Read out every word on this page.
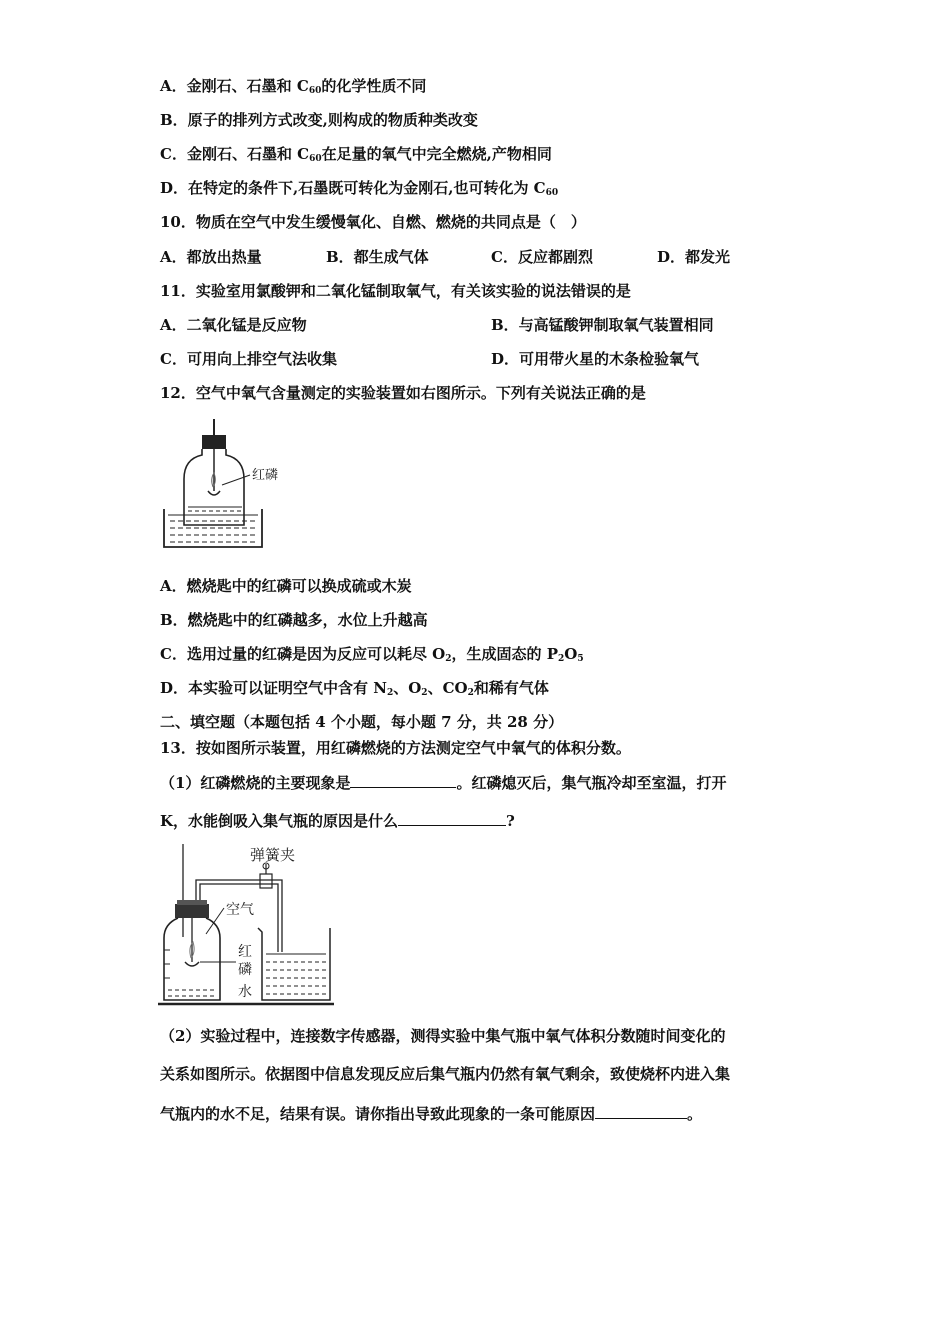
A．金刚石、石墨和 $C_{60}$的化学性质不同
B．原子的排列方式改变,则构成的物质种类改变
C．金刚石、石墨和 $C_{60}$在足量的氧气中完全燃烧,产物相同
D．在特定的条件下,石墨既可转化为金刚石,也可转化为 $C_{60}$
10．物质在空气中发生缓慢氧化、自燃、燃烧的共同点是（　）
A．都放出热量	B．都生成气体	C．反应都剧烈	D．都发光
11．实验室用氯酸钾和二氧化锰制取氧气，有关该实验的说法错误的是
A．二氧化锰是反应物	B．与高锰酸钾制取氧气装置相同
C．可用向上排空气法收集	D．可用带火星的木条检验氧气
12．空气中氧气含量测定的实验装置如右图所示。下列有关说法正确的是
红磷
A．燃烧匙中的红磷可以换成硫或木炭
B．燃烧匙中的红磷越多，水位上升越高
C．选用过量的红磷是因为反应可以耗尽 $O_2$，生成固态的 $P_2O_5$
D．本实验可以证明空气中含有 $N_2$、$O_2$、$CO_2$和稀有气体
二、填空题（本题包括 4 个小题，每小题 7 分，共 28 分）
13．按如图所示装置，用红磷燃烧的方法测定空气中氧气的体积分数。
（1）红磷燃烧的主要现象是	。红磷熄灭后，集气瓶冷却至室温，打开
K，水能倒吸入集气瓶的原因是什么	?
弹簧夹
空气
红
磷
水
（2）实验过程中，连接数字传感器，测得实验中集气瓶中氧气体积分数随时间变化的
关系如图所示。依据图中信息发现反应后集气瓶内仍然有氧气剩余，致使烧杯内进入集
气瓶内的水不足，结果有误。请你指出导致此现象的一条可能原因	。
